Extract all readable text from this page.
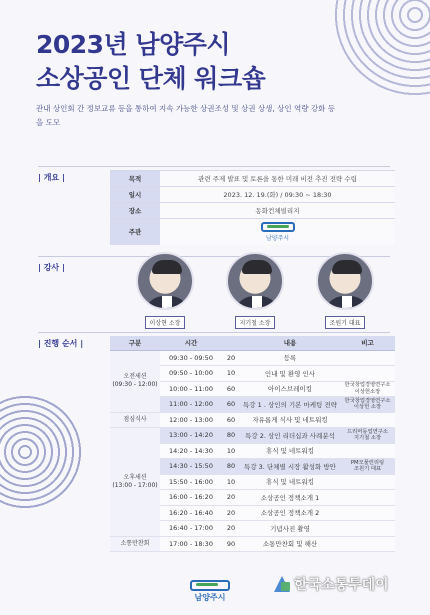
2023년 남양주시
소상공인 단체 워크숍

관내 상인회 간 정보교류 등을 통하여 지속 가능한 상권조성 및 상권 상생, 상인 역량 강화 등을 도모

| 개요 |	목적	관련 주제 발표 및 토론을 통한 미래 비전 추진 전략 수립
일시	2023. 12. 19.(화) / 09:30 ~ 18:30
장소	동화컨체빌리지
주관	남양주시
| 강사 |
이상현 소장	지기철 소장	조원기 대표
| 진행 순서 |	구분	시간		내용	비고
오전세션
(09:30 - 12:00)	09:30 - 09:50	20	등록	
	09:50 - 10:00	10	인내 및 환영 인사	
	10:00 - 11:00	60	아이스브레이킹	한국창업경영연구소
이상헌소장
	11:00 - 12:00	60	특강 1 . 상인의 기본 마케팅 전략	한국창업경영연구소
이상헌 소장
점심식사	12:00 - 13:00	60	자유롭게 식사 및 네트워킹	
오후세션
(13:00 - 17:00)	13:00 - 14:20	80	특강 2. 상인 리더십과 사례분석	드리머동업연구소
지기철 소장
	14:20 - 14:30	10	휴식 및 네트워킹	
	14:30 - 15:50	80	특강 3. 단체별 시장 활성화 방안	PM모물린리팅
조원기 대표
	15:50 - 16:00	10	휴식 및 네트워킹	
	16:00 - 16:20	20	소상공인 정책소개 1	
	16:20 - 16:40	20	소상공인 정책소개 2	
	16:40 - 17:00	20	기념사진 촬영	
소통만찬회	17:00 - 18:30	90	소통만찬회 및 해산	
남양주시
한국소통투데이
